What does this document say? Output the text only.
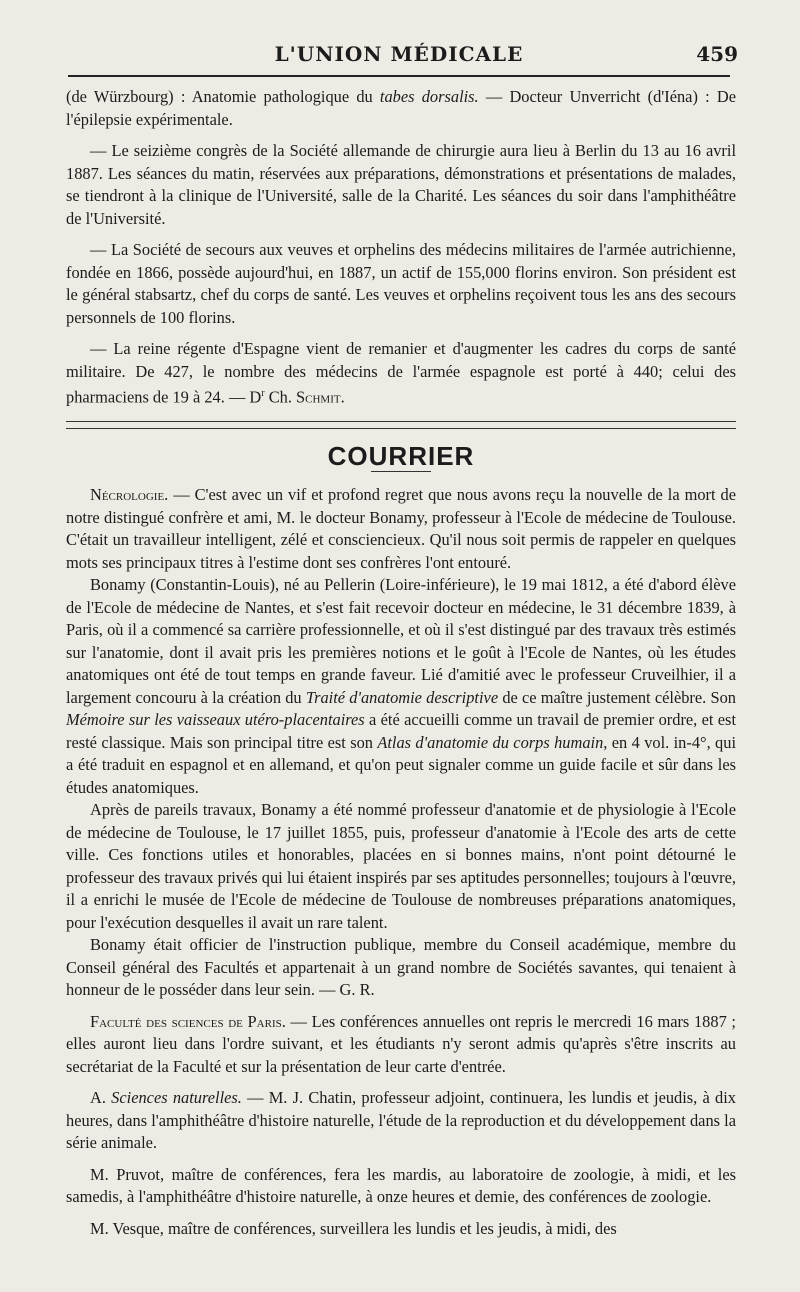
L'UNION MÉDICALE	459

(de Würzbourg) : Anatomie pathologique du tabes dorsalis. — Docteur Unverricht (d'Iéna) : De l'épilepsie expérimentale.

— Le seizième congrès de la Société allemande de chirurgie aura lieu à Berlin du 13 au 16 avril 1887. Les séances du matin, réservées aux préparations, démonstrations et présentations de malades, se tiendront à la clinique de l'Université, salle de la Charité. Les séances du soir dans l'amphithéâtre de l'Université.

— La Société de secours aux veuves et orphelins des médecins militaires de l'armée autrichienne, fondée en 1866, possède aujourd'hui, en 1887, un actif de 155,000 florins environ. Son président est le général stabsartz, chef du corps de santé. Les veuves et orphelins reçoivent tous les ans des secours personnels de 100 florins.

— La reine régente d'Espagne vient de remanier et d'augmenter les cadres du corps de santé militaire. De 427, le nombre des médecins de l'armée espagnole est porté à 440; celui des pharmaciens de 19 à 24. — $D^r$ Ch. Schmit.

COURRIER

Nécrologie. — C'est avec un vif et profond regret que nous avons reçu la nouvelle de la mort de notre distingué confrère et ami, M. le docteur Bonamy, professeur à l'Ecole de médecine de Toulouse. C'était un travailleur intelligent, zélé et consciencieux. Qu'il nous soit permis de rappeler en quelques mots ses principaux titres à l'estime dont ses confrères l'ont entouré.

Bonamy (Constantin-Louis), né au Pellerin (Loire-inférieure), le 19 mai 1812, a été d'abord élève de l'Ecole de médecine de Nantes, et s'est fait recevoir docteur en médecine, le 31 décembre 1839, à Paris, où il a commencé sa carrière professionnelle, et où il s'est distingué par des travaux très estimés sur l'anatomie, dont il avait pris les premières notions et le goût à l'Ecole de Nantes, où les études anatomiques ont été de tout temps en grande faveur. Lié d'amitié avec le professeur Cruveilhier, il a largement concouru à la création du Traité d'anatomie descriptive de ce maître justement célèbre. Son Mémoire sur les vaisseaux utéro-placentaires a été accueilli comme un travail de premier ordre, et est resté classique. Mais son principal titre est son Atlas d'anatomie du corps humain, en 4 vol. in-4°, qui a été traduit en espagnol et en allemand, et qu'on peut signaler comme un guide facile et sûr dans les études anatomiques.

Après de pareils travaux, Bonamy a été nommé professeur d'anatomie et de physiologie à l'Ecole de médecine de Toulouse, le 17 juillet 1855, puis, professeur d'anatomie à l'Ecole des arts de cette ville. Ces fonctions utiles et honorables, placées en si bonnes mains, n'ont point détourné le professeur des travaux privés qui lui étaient inspirés par ses aptitudes personnelles; toujours à l'œuvre, il a enrichi le musée de l'Ecole de médecine de Toulouse de nombreuses préparations anatomiques, pour l'exécution desquelles il avait un rare talent.

Bonamy était officier de l'instruction publique, membre du Conseil académique, membre du Conseil général des Facultés et appartenait à un grand nombre de Sociétés savantes, qui tenaient à honneur de le posséder dans leur sein. — G. R.

Faculté des sciences de Paris. — Les conférences annuelles ont repris le mercredi 16 mars 1887 ; elles auront lieu dans l'ordre suivant, et les étudiants n'y seront admis qu'après s'être inscrits au secrétariat de la Faculté et sur la présentation de leur carte d'entrée.

A. Sciences naturelles. — M. J. Chatin, professeur adjoint, continuera, les lundis et jeudis, à dix heures, dans l'amphithéâtre d'histoire naturelle, l'étude de la reproduction et du développement dans la série animale.

M. Pruvot, maître de conférences, fera les mardis, au laboratoire de zoologie, à midi, et les samedis, à l'amphithéâtre d'histoire naturelle, à onze heures et demie, des conférences de zoologie.

M. Vesque, maître de conférences, surveillera les lundis et les jeudis, à midi, des
